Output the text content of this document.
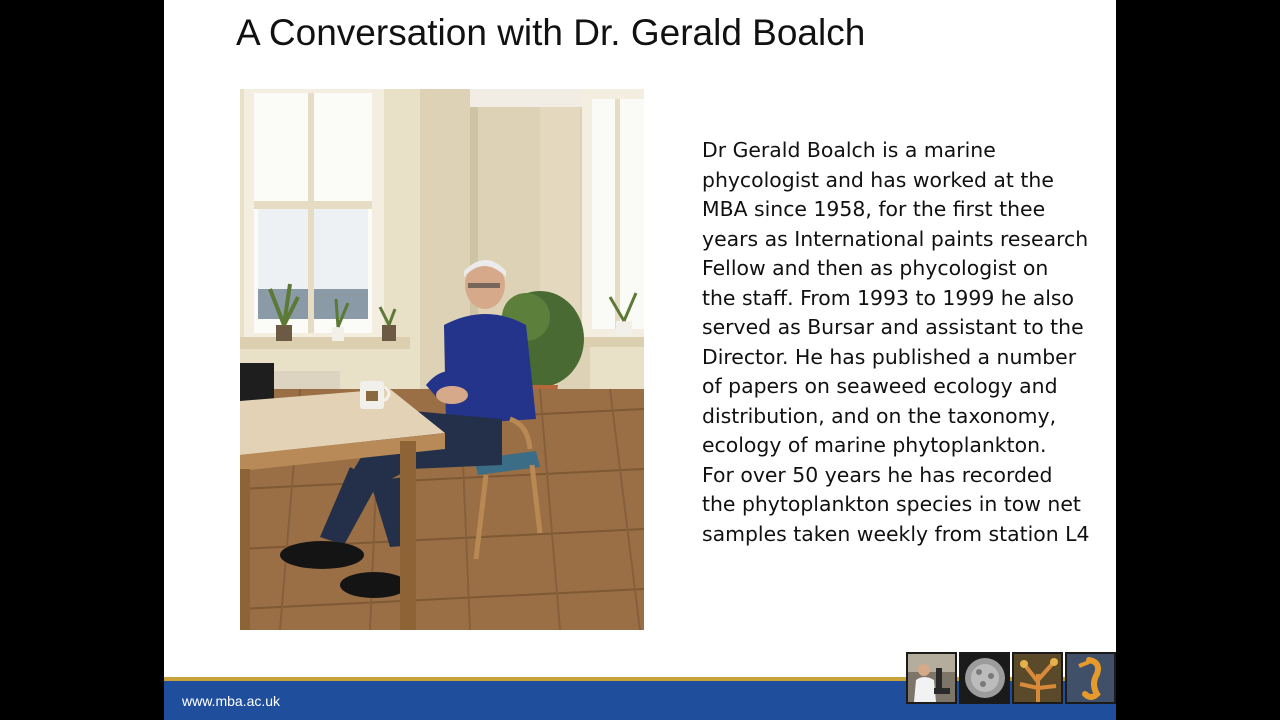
A Conversation with Dr. Gerald Boalch
Dr Gerald Boalch is a marine
phycologist and has worked at the
MBA since 1958, for the first thee
years as International paints research
Fellow and then as phycologist on
the staff. From 1993 to 1999 he also
served as Bursar and assistant to the
Director. He has published a number
of papers on seaweed ecology and
distribution, and on the taxonomy,
ecology of marine phytoplankton.
For over 50 years he has recorded
the phytoplankton species in tow net
samples taken weekly from station L4
www.mba.ac.uk
